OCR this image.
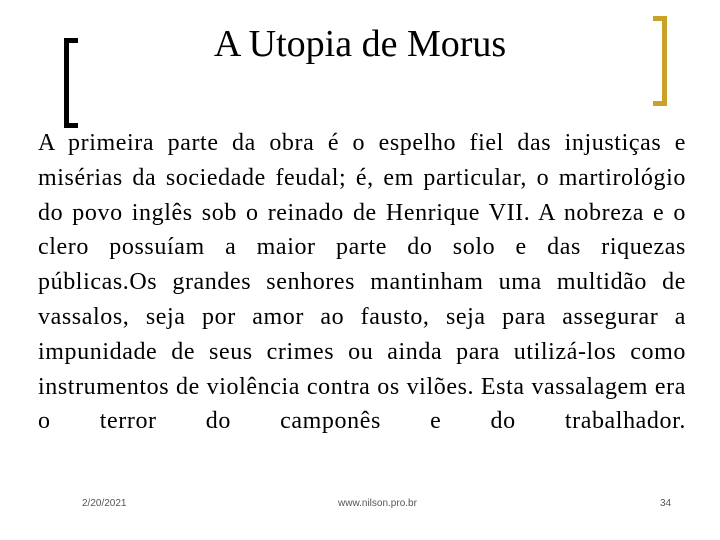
A Utopia de Morus

A primeira parte da obra é o espelho fiel das injustiças e misérias da sociedade feudal; é, em particular, o martirológio do povo inglês sob o reinado de Henrique VII. A nobreza e o clero possuíam a maior parte do solo e das riquezas públicas.Os grandes senhores mantinham uma multidão de vassalos, seja por amor ao fausto, seja para assegurar a impunidade de seus crimes ou ainda para utilizá-los como instrumentos de violência contra os vilões. Esta vassalagem era o terror do camponês e do trabalhador.

2/20/2021	www.nilson.pro.br	34
